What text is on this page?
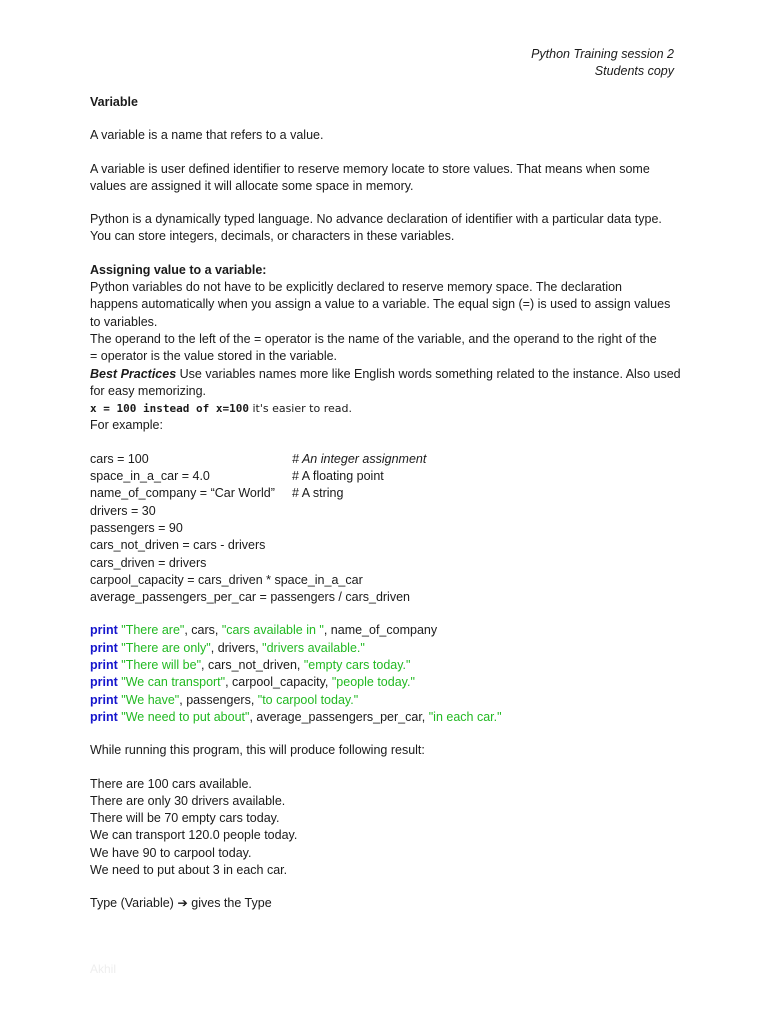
Python Training session 2
Students copy
Variable
A variable is a name that refers to a value.
A variable is user defined identifier to reserve memory locate to store values. That means when some
values are assigned it will allocate some space in memory.
Python is a dynamically typed language. No advance declaration of identifier with a particular data type.
You can store integers, decimals, or characters in these variables.
Assigning value to a variable:
Python variables do not have to be explicitly declared to reserve memory space. The declaration
happens automatically when you assign a value to a variable. The equal sign (=) is used to assign values
to variables.
The operand to the left of the = operator is the name of the variable, and the operand to the right of the
= operator is the value stored in the variable.
Best Practices Use variables names more like English words something related to the instance. Also used
for easy memorizing.
x = 100 instead of x=100 it's easier to read.
For example:
cars = 100	# An integer assignment
space_in_a_car = 4.0	# A floating point
name_of_company = “Car World” # A string
drivers = 30
passengers = 90
cars_not_driven = cars - drivers
cars_driven = drivers
carpool_capacity = cars_driven * space_in_a_car
average_passengers_per_car = passengers / cars_driven
print "There are", cars, "cars available in ", name_of_company
print "There are only", drivers, "drivers available."
print "There will be", cars_not_driven, "empty cars today."
print "We can transport", carpool_capacity, "people today."
print "We have", passengers, "to carpool today."
print "We need to put about", average_passengers_per_car, "in each car."
While running this program, this will produce following result:
There are 100 cars available.
There are only 30 drivers available.
There will be 70 empty cars today.
We can transport 120.0 people today.
We have 90 to carpool today.
We need to put about 3 in each car.
Type (Variable) ➔ gives the Type
Akhil
